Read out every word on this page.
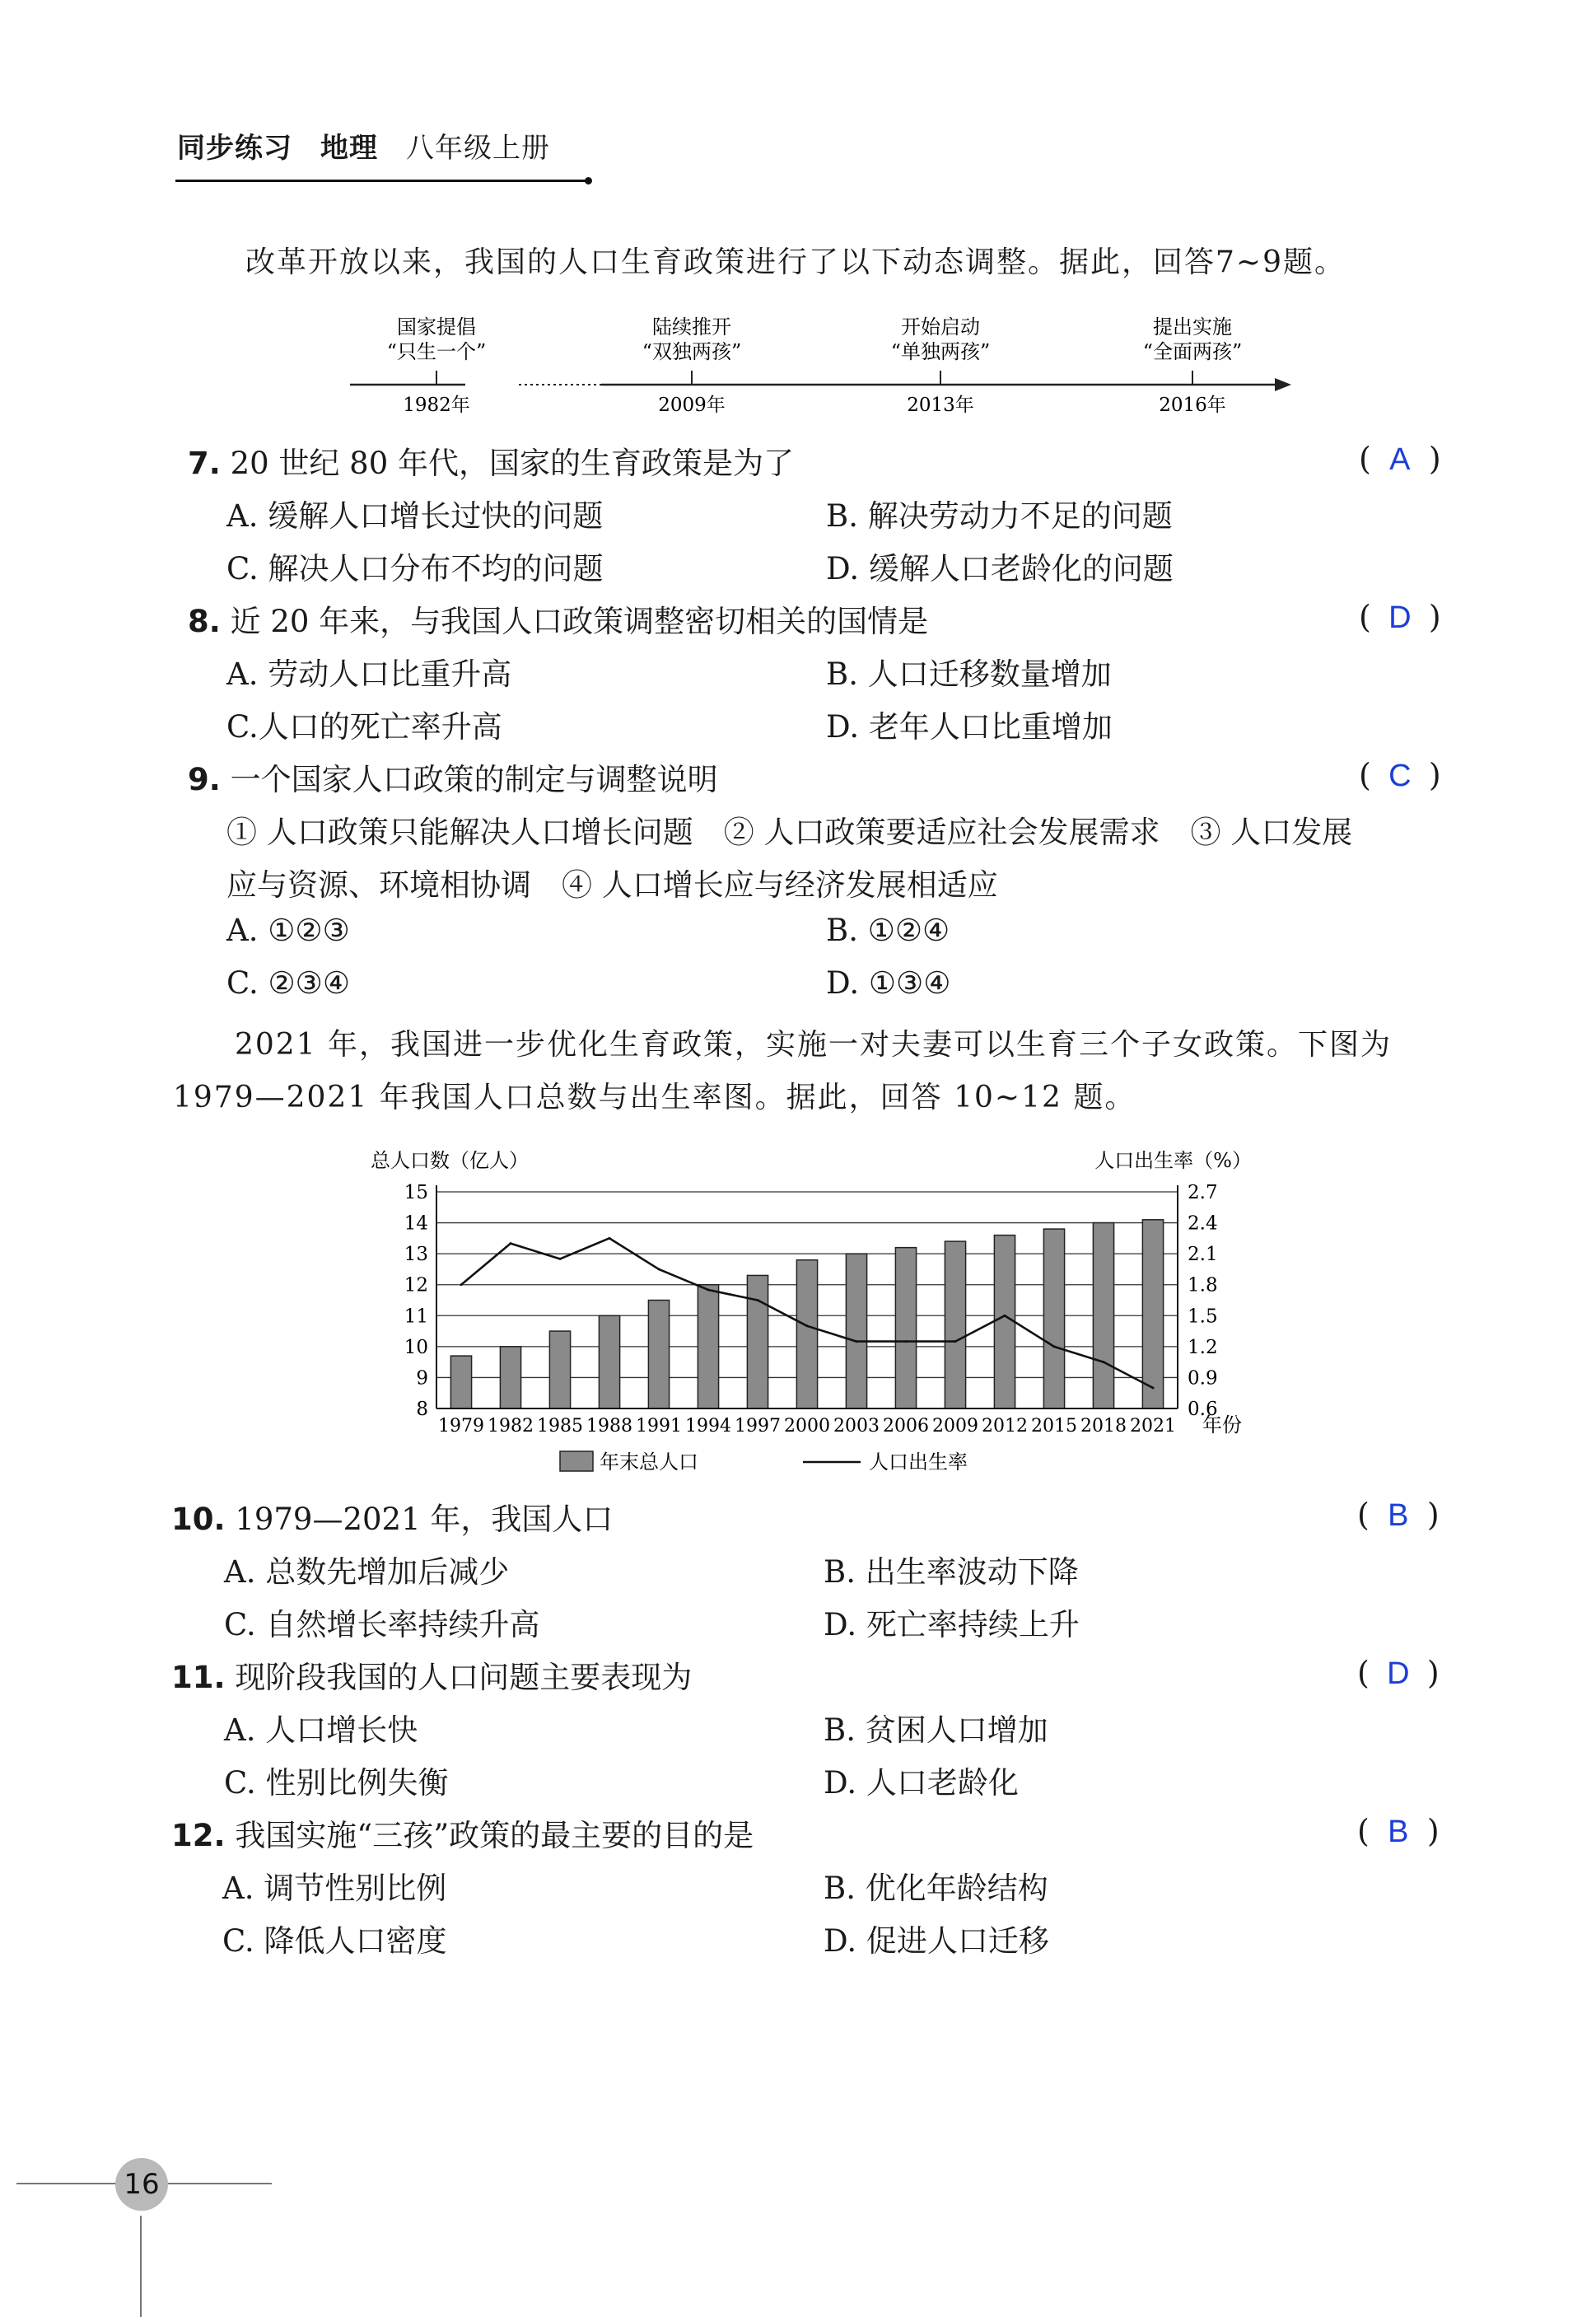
同步练习 地理 八年级上册
改革开放以来，我国的人口生育政策进行了以下动态调整。据此，回答7~9题。
国家提倡
“只生一个”
1982年
陆续推开
“双独两孩”
2009年
开始启动
“单独两孩”
2013年
提出实施
“全面两孩”
2016年
7. 20 世纪 80 年代，国家的生育政策是为了	( A )
A. 缓解人口增长过快的问题	B. 解决劳动力不足的问题
C. 解决人口分布不均的问题	D. 缓解人口老龄化的问题
8. 近 20 年来，与我国人口政策调整密切相关的国情是	( D )
A. 劳动人口比重升高	B. 人口迁移数量增加
C.人口的死亡率升高	D. 老年人口比重增加
9. 一个国家人口政策的制定与调整说明	( C )
① 人口政策只能解决人口增长问题　② 人口政策要适应社会发展需求　③ 人口发展
应与资源、环境相协调　④ 人口增长应与经济发展相适应
A. ①②③	B. ①②④
C. ②③④	D. ①③④
2021 年，我国进一步优化生育政策，实施一对夫妻可以生育三个子女政策。下图为
1979—2021 年我国人口总数与出生率图。据此，回答 10~12 题。
总人口数（亿人）	人口出生率（%）
8
9
10
11
12
13
14
15
0.6
0.9
1.2
1.5
1.8
2.1
2.4
2.7
1979 1982 1985 1988 1991 1994 1997 2000 2003 2006 2009 2012 2015 2018 2021 年份
年末总人口	人口出生率
10. 1979—2021 年，我国人口	( B )
A. 总数先增加后减少	B. 出生率波动下降
C. 自然增长率持续升高	D. 死亡率持续上升
11. 现阶段我国的人口问题主要表现为	( D )
A. 人口增长快	B. 贫困人口增加
C. 性别比例失衡	D. 人口老龄化
12. 我国实施“三孩”政策的最主要的目的是	( B )
A. 调节性别比例	B. 优化年龄结构
C. 降低人口密度	D. 促进人口迁移
16
